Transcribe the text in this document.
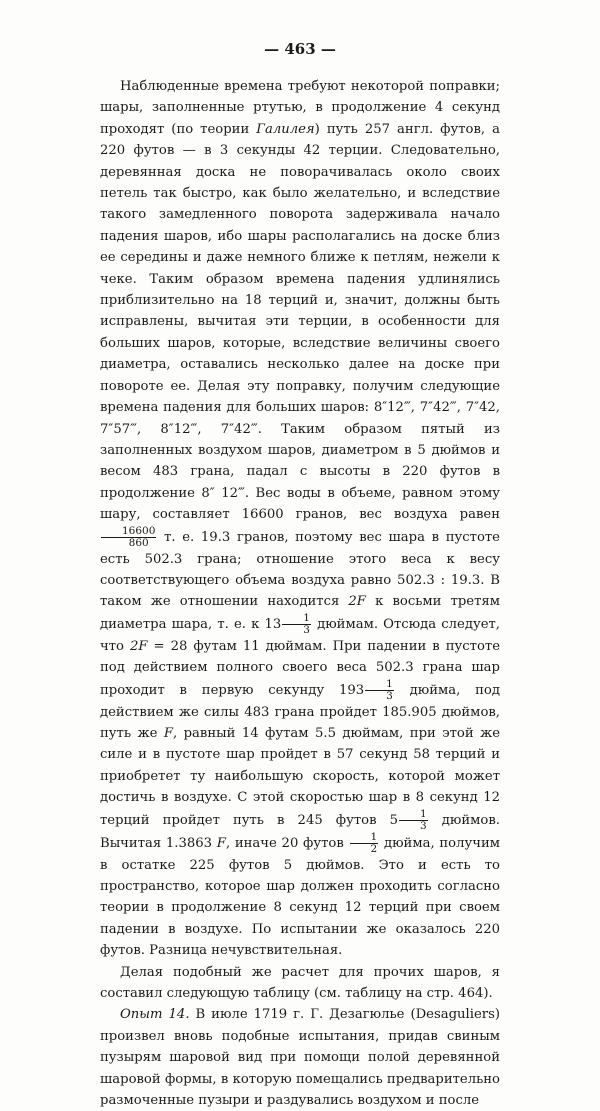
— 463 —

Наблюденные времена требуют некоторой поправки; шары, заполненные ртутью, в продолжение 4 секунд проходят (по теории Галилея) путь 257 англ. футов, а 220 футов — в 3 секунды 42 терции. Следовательно, деревянная доска не поворачивалась около своих петель так быстро, как было желательно, и вследствие такого замедленного поворота задерживала начало падения шаров, ибо шары располагались на доске близ ее середины и даже немного ближе к петлям, нежели к чеке. Таким образом времена падения удлинялись приблизительно на 18 терций и, значит, должны быть исправлены, вычитая эти терции, в особенности для больших шаров, которые, вследствие величины своего диаметра, оставались несколько далее на доске при повороте ее. Делая эту поправку, получим следующие времена падения для больших шаров: 8″12‴, 7″42‴, 7″42, 7″57‴, 8″12‴, 7″42‴. Таким образом пятый из заполненных воздухом шаров, диаметром в 5 дюймов и весом 483 грана, падал с высоты в 220 футов в продолжение 8″ 12‴. Вес воды в объеме, равном этому шару, составляет 16600 гранов, вес воздуха равен
$\frac{16600}{860} т$. е. 19.3 гранов, поэтому вес шара в пустоте есть 502.3 грана; отношение этого веса к весу соответствующего объема воздуха равно 502.3 : 19.3. В таком же отношении находится 2F к восьми третям диаметра шара, т. е. к $13 \frac{1}{3}$ дюймам. Отсюда следует, что 2F = 28 футам 11 дюймам. При падении в пустоте под действием полного своего веса 502.3 грана шар проходит в первую секунду $193 \frac{1}{3}$ дюйма, под действием же силы 483 грана пройдет 185.905 дюймов, путь же F, равный 14 футам 5.5 дюймам, при этой же силе и в пустоте шар пройдет в 57 секунд 58 терций и приобретет ту наибольшую скорость, которой может достичь в воздухе. С этой скоростью шар в 8 секунд 12 терций пройдет путь в 245 футов $5 \frac{1}{3}$ дюймов. Вычитая 1.3863 F, иначе 20 футов $\frac{1}{2}$ дюйма, получим в остатке 225 футов 5 дюймов. Это и есть то пространство, которое шар должен проходить согласно теории в продолжение 8 секунд 12 терций при своем падении в воздухе. По испытании же оказалось 220 футов. Разница нечувствительная.

Делая подобный же расчет для прочих шаров, я составил следующую таблицу (см. таблицу на стр. 464).

Опыт 14. В июле 1719 г. Г. Дезагюлье (Desaguliers) произвел вновь подобные испытания, придав свиным пузырям шаровой вид при помощи полой деревянной шаровой формы, в которую помещались предварительно размоченные пузыри и раздувались воздухом и после
